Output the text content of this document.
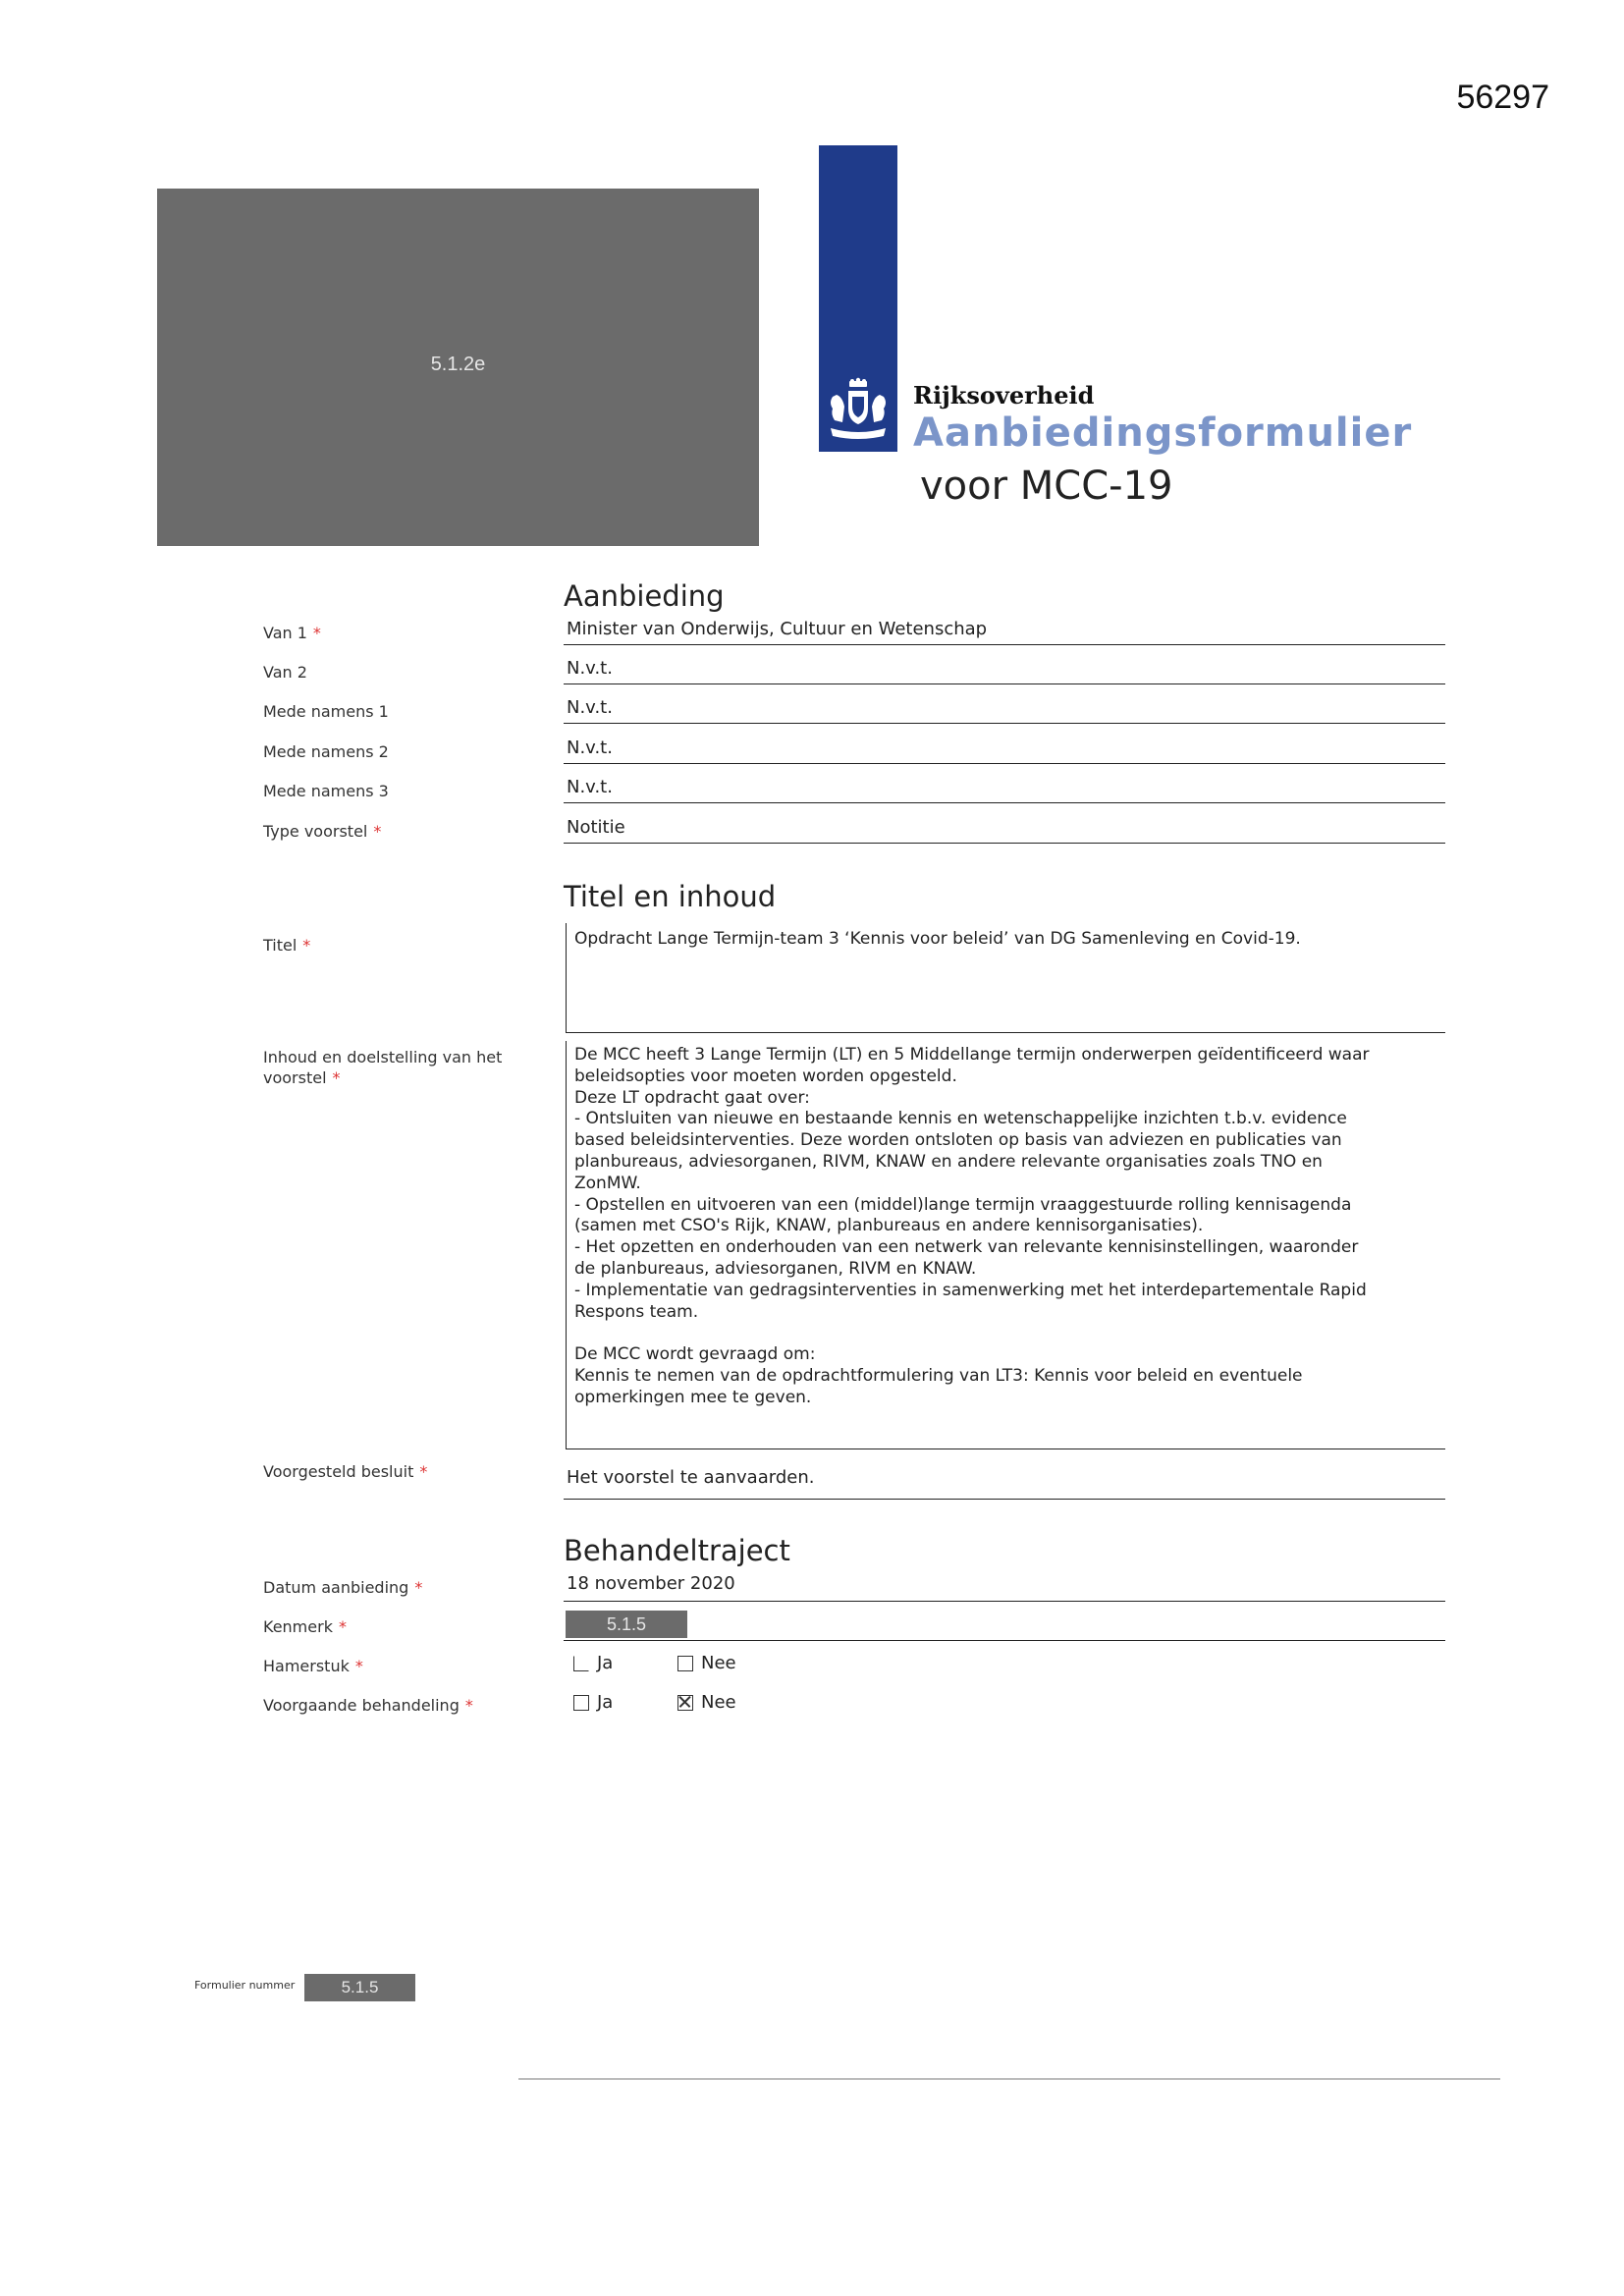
56297
5.1.2e
Rijksoverheid
Aanbiedingsformulier
voor MCC-19
Aanbieding
Van 1 *	Minister van Onderwijs, Cultuur en Wetenschap
Van 2	N.v.t.
Mede namens 1	N.v.t.
Mede namens 2	N.v.t.
Mede namens 3	N.v.t.
Type voorstel *	Notitie
Titel en inhoud
Titel *	Opdracht Lange Termijn-team 3 ‘Kennis voor beleid’ van DG Samenleving en Covid-19.

Inhoud en doelstelling van het
voorstel *

De MCC heeft 3 Lange Termijn (LT) en 5 Middellange termijn onderwerpen geïdentificeerd waar

beleidsopties voor moeten worden opgesteld.

Deze LT opdracht gaat over:

- Ontsluiten van nieuwe en bestaande kennis en wetenschappelijke inzichten t.b.v. evidence

based beleidsinterventies. Deze worden ontsloten op basis van adviezen en publicaties van

planbureaus, adviesorganen, RIVM, KNAW en andere relevante organisaties zoals TNO en

ZonMW.

- Opstellen en uitvoeren van een (middel)lange termijn vraaggestuurde rolling kennisagenda

(samen met CSO's Rijk, KNAW, planbureaus en andere kennisorganisaties).

- Het opzetten en onderhouden van een netwerk van relevante kennisinstellingen, waaronder

de planbureaus, adviesorganen, RIVM en KNAW.

- Implementatie van gedragsinterventies in samenwerking met het interdepartementale Rapid

Respons team.

De MCC wordt gevraagd om:

Kennis te nemen van de opdrachtformulering van LT3: Kennis voor beleid en eventuele

opmerkingen mee te geven.

Voorgesteld besluit *	Het voorstel te aanvaarden.
Behandeltraject
Datum aanbieding *	18 november 2020
Kenmerk *	5.1.5
Hamerstuk *	Ja	Nee
Voorgaande behandeling *	Ja	Nee
Formulier nummer	5.1.5
